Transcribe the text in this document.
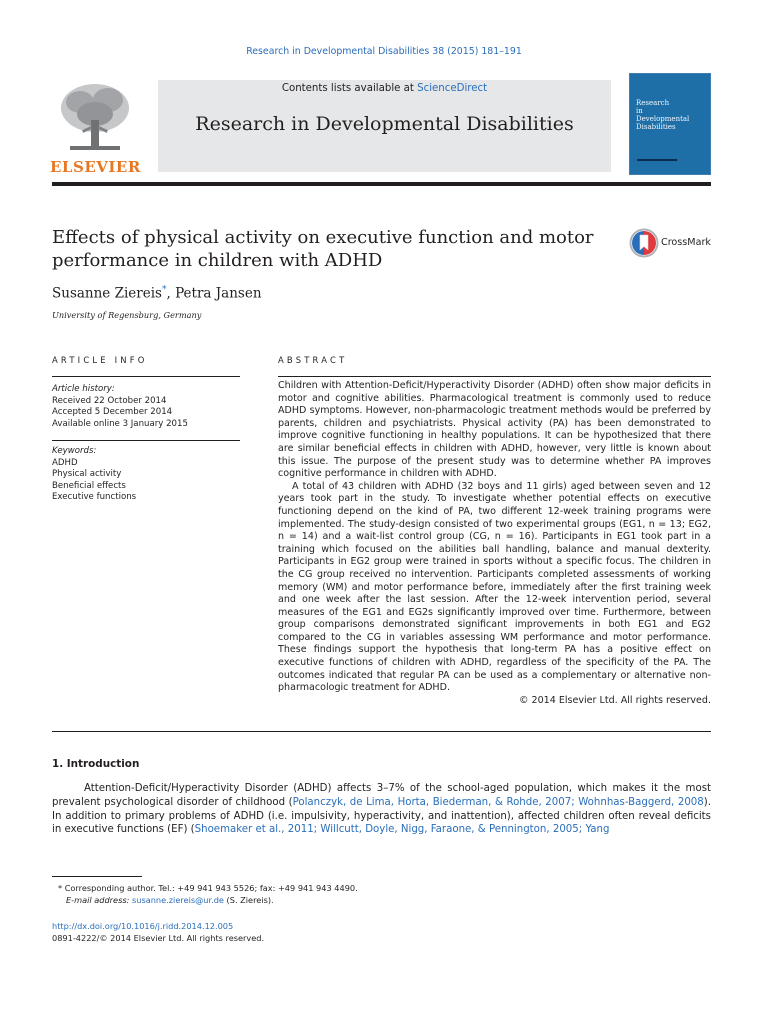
Research in Developmental Disabilities 38 (2015) 181–191
ELSEVIER
Contents lists available at ScienceDirect
Research in Developmental Disabilities
Research
in
Developmental
Disabilities
Effects of physical activity on executive function and motor performance in children with ADHD
CrossMark
Susanne Ziereis*, Petra Jansen
University of Regensburg, Germany
ARTICLE INFO
Article history:
Received 22 October 2014
Accepted 5 December 2014
Available online 3 January 2015
Keywords:
ADHD
Physical activity
Beneficial effects
Executive functions
ABSTRACT

Children with Attention-Deficit/Hyperactivity Disorder (ADHD) often show major deficits in motor and cognitive abilities. Pharmacological treatment is commonly used to reduce ADHD symptoms. However, non-pharmacologic treatment methods would be preferred by parents, children and psychiatrists. Physical activity (PA) has been demonstrated to improve cognitive functioning in healthy populations. It can be hypothesized that there are similar beneficial effects in children with ADHD, however, very little is known about this issue. The purpose of the present study was to determine whether PA improves cognitive performance in children with ADHD.

A total of 43 children with ADHD (32 boys and 11 girls) aged between seven and 12 years took part in the study. To investigate whether potential effects on executive functioning depend on the kind of PA, two different 12-week training programs were implemented. The study-design consisted of two experimental groups (EG1, n = 13; EG2, n = 14) and a wait-list control group (CG, n = 16). Participants in EG1 took part in a training which focused on the abilities ball handling, balance and manual dexterity. Participants in EG2 group were trained in sports without a specific focus. The children in the CG group received no intervention. Participants completed assessments of working memory (WM) and motor performance before, immediately after the first training week and one week after the last session. After the 12-week intervention period, several measures of the EG1 and EG2s significantly improved over time. Furthermore, between group comparisons demonstrated significant improvements in both EG1 and EG2 compared to the CG in variables assessing WM performance and motor performance. These findings support the hypothesis that long-term PA has a positive effect on executive functions of children with ADHD, regardless of the specificity of the PA. The outcomes indicated that regular PA can be used as a complementary or alternative non-pharmacologic treatment for ADHD.

© 2014 Elsevier Ltd. All rights reserved.

1. Introduction

Attention-Deficit/Hyperactivity Disorder (ADHD) affects 3–7% of the school-aged population, which makes it the most prevalent psychological disorder of childhood (Polanczyk, de Lima, Horta, Biederman, & Rohde, 2007; Wohnhas-Baggerd, 2008). In addition to primary problems of ADHD (i.e. impulsivity, hyperactivity, and inattention), affected children often reveal deficits in executive functions (EF) (Shoemaker et al., 2011; Willcutt, Doyle, Nigg, Faraone, & Pennington, 2005; Yang

* Corresponding author. Tel.: +49 941 943 5526; fax: +49 941 943 4490.
E-mail address: susanne.ziereis@ur.de (S. Ziereis).
http://dx.doi.org/10.1016/j.ridd.2014.12.005
0891-4222/© 2014 Elsevier Ltd. All rights reserved.
